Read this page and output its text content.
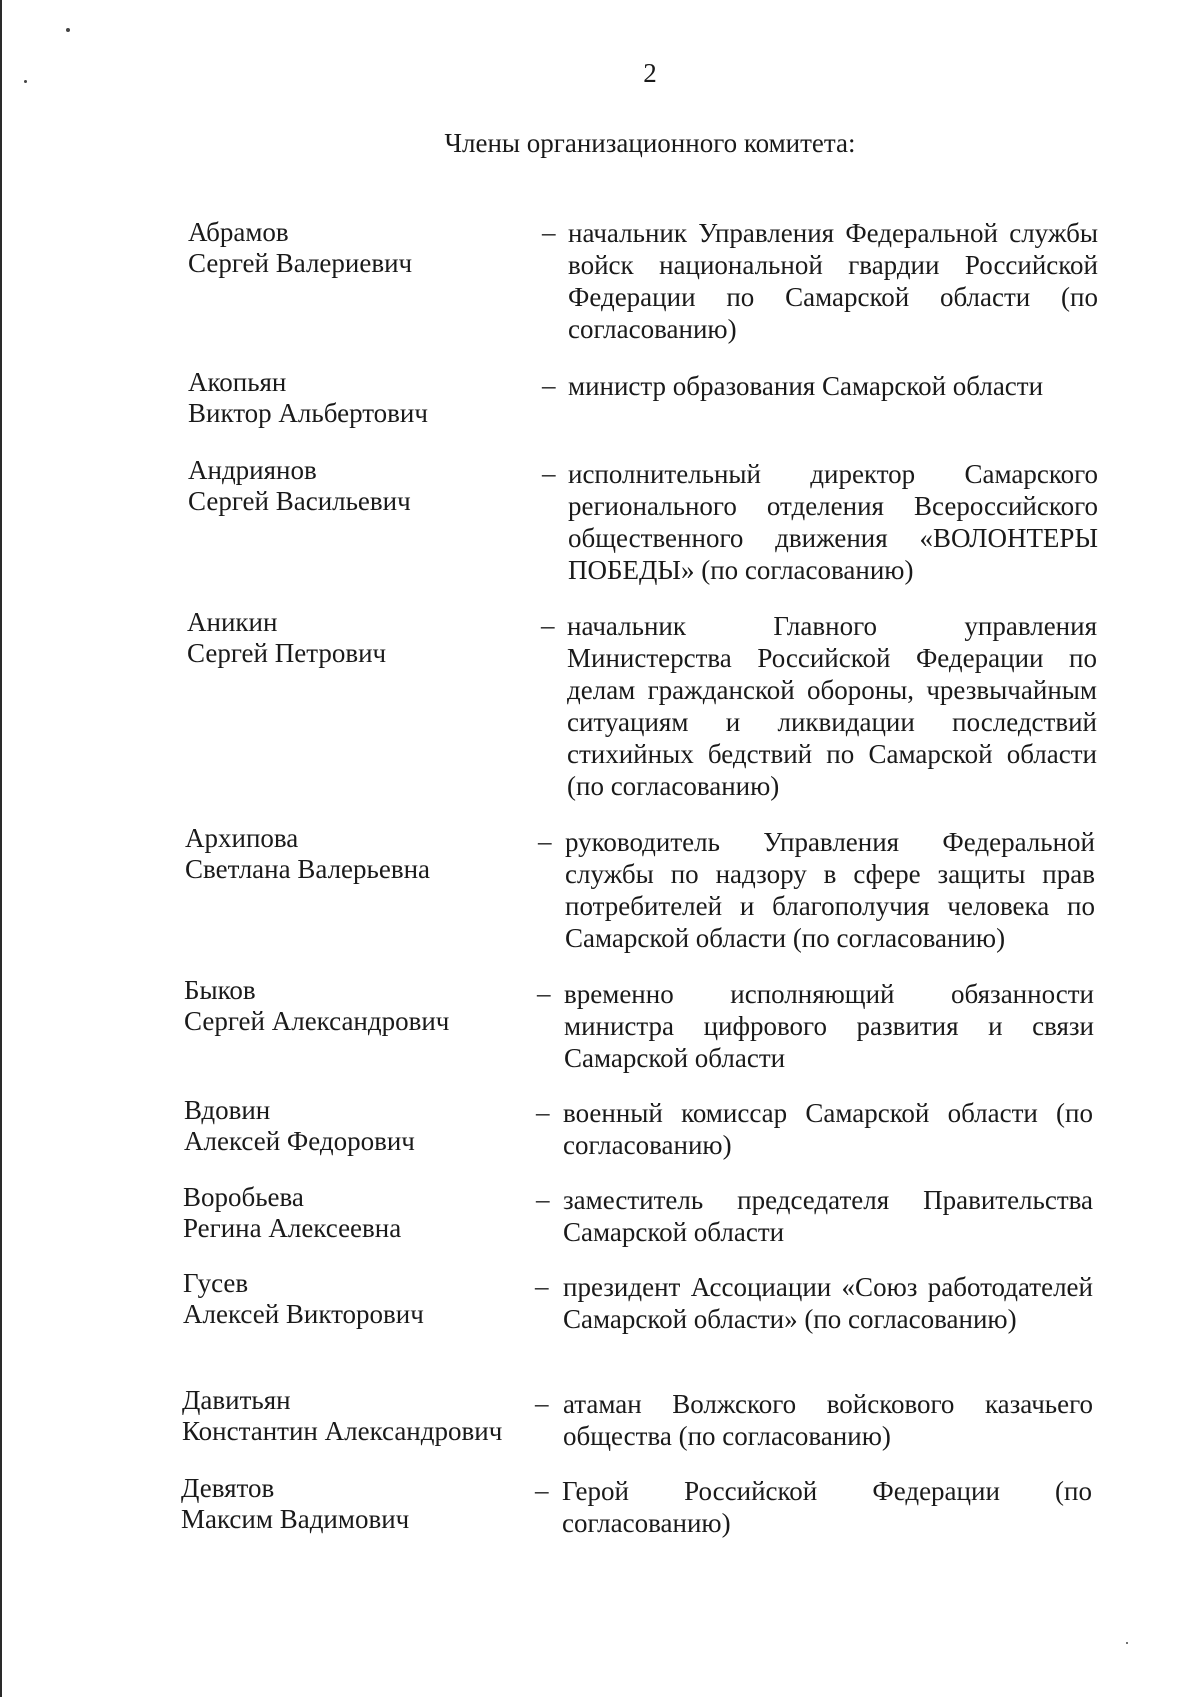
2
Члены организационного комитета:
Абрамов
Сергей Валериевич
– начальник Управления Федеральной службы войск национальной гвардии Российской Федерации по Самарской области (по согласованию)
Акопьян
Виктор Альбертович
– министр образования Самарской области
Андриянов
Сергей Васильевич
– исполнительный директор Самарского регионального отделения Всероссийского общественного движения «ВОЛОНТЕРЫ ПОБЕДЫ» (по согласованию)
Аникин
Сергей Петрович
– начальник Главного управления Министерства Российской Федерации по делам гражданской обороны, чрезвычайным ситуациям и ликвидации последствий стихийных бедствий по Самарской области (по согласованию)
Архипова
Светлана Валерьевна
– руководитель Управления Федеральной службы по надзору в сфере защиты прав потребителей и благополучия человека по Самарской области (по согласованию)
Быков
Сергей Александрович
– временно исполняющий обязанности министра цифрового развития и связи Самарской области
Вдовин
Алексей Федорович
– военный комиссар Самарской области (по согласованию)
Воробьева
Регина Алексеевна
– заместитель председателя Правительства Самарской области
Гусев
Алексей Викторович
– президент Ассоциации «Союз работодателей Самарской области» (по согласованию)
Давитьян
Константин Александрович
– атаман Волжского войскового казачьего общества (по согласованию)
Девятов
Максим Вадимович
– Герой Российской Федерации (по согласованию)
